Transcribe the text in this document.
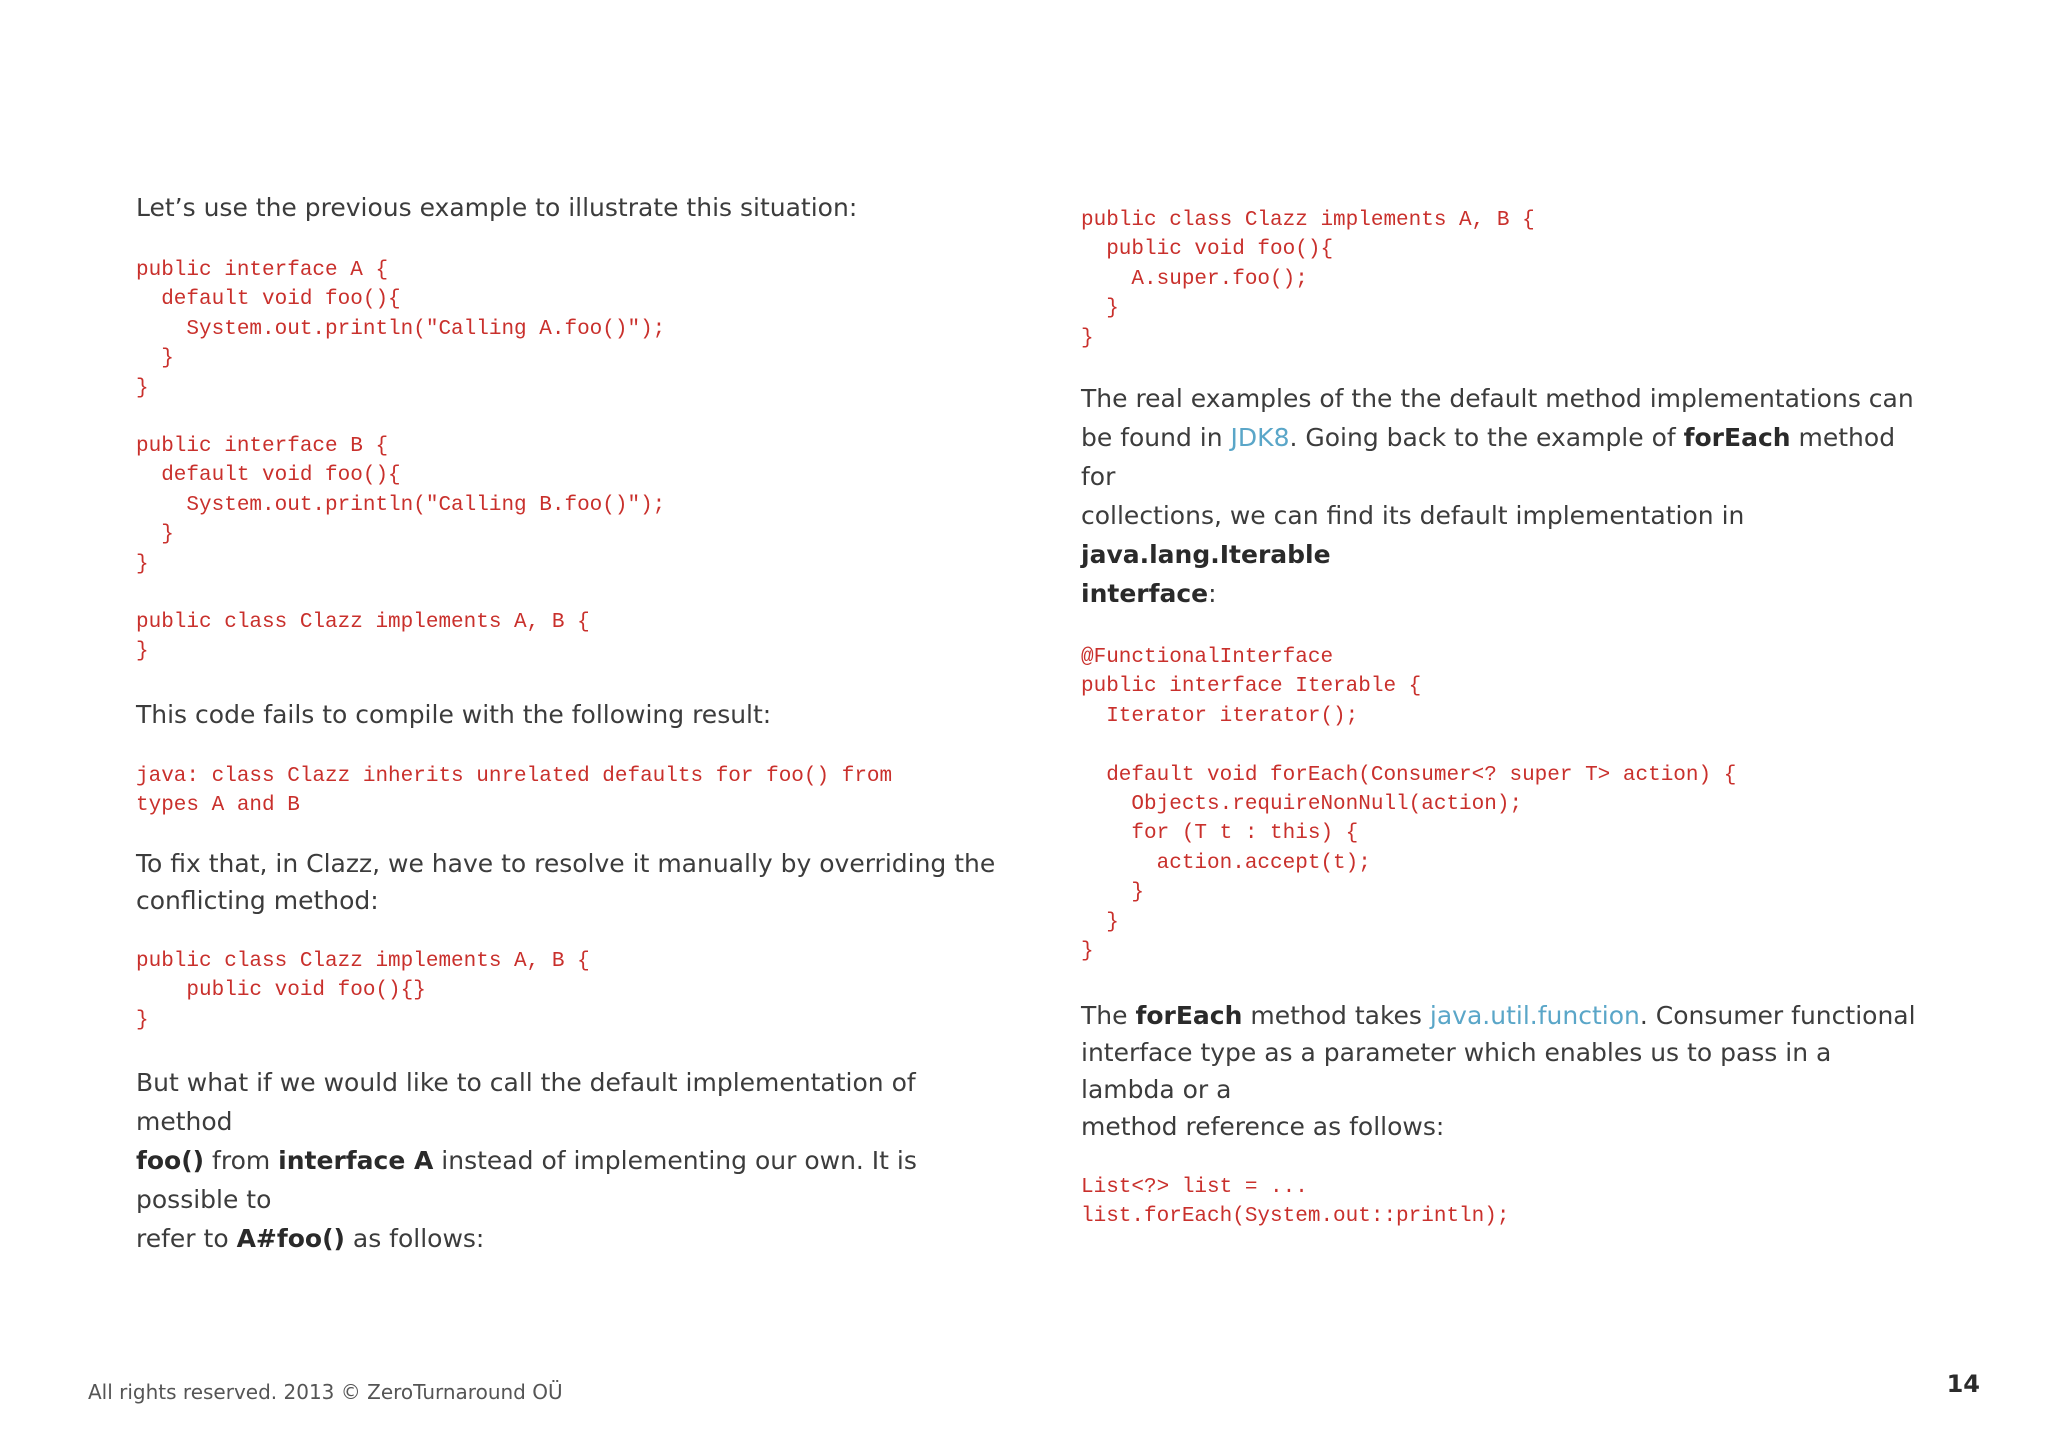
Let’s use the previous example to illustrate this situation:

public interface A {
default void foo(){
System.out.println("Calling A.foo()");
}
}
public interface B {
default void foo(){
System.out.println("Calling B.foo()");
}
}
public class Clazz implements A, B {
}

This code fails to compile with the following result:

java: class Clazz inherits unrelated defaults for foo() from
types A and B

To fix that, in Clazz, we have to resolve it manually by overriding the
conflicting method:

public class Clazz implements A, B {
public void foo(){}
}

But what if we would like to call the default implementation of method
foo() from interface A instead of implementing our own. It is possible to
refer to A#foo() as follows:

public class Clazz implements A, B {
public void foo(){
A.super.foo();
}
}

The real examples of the the default method implementations can
be found in JDK8. Going back to the example of forEach method for
collections, we can find its default implementation in java.lang.Iterable
interface:

@FunctionalInterface
public interface Iterable {
Iterator iterator();

default void forEach(Consumer<? super T> action) {
Objects.requireNonNull(action);
for (T t : this) {
action.accept(t);
}
}
}

The forEach method takes java.util.function. Consumer functional
interface type as a parameter which enables us to pass in a lambda or a
method reference as follows:

List<?> list = ...
list.forEach(System.out::println);
All rights reserved. 2013 © ZeroTurnaround OÜ	14
